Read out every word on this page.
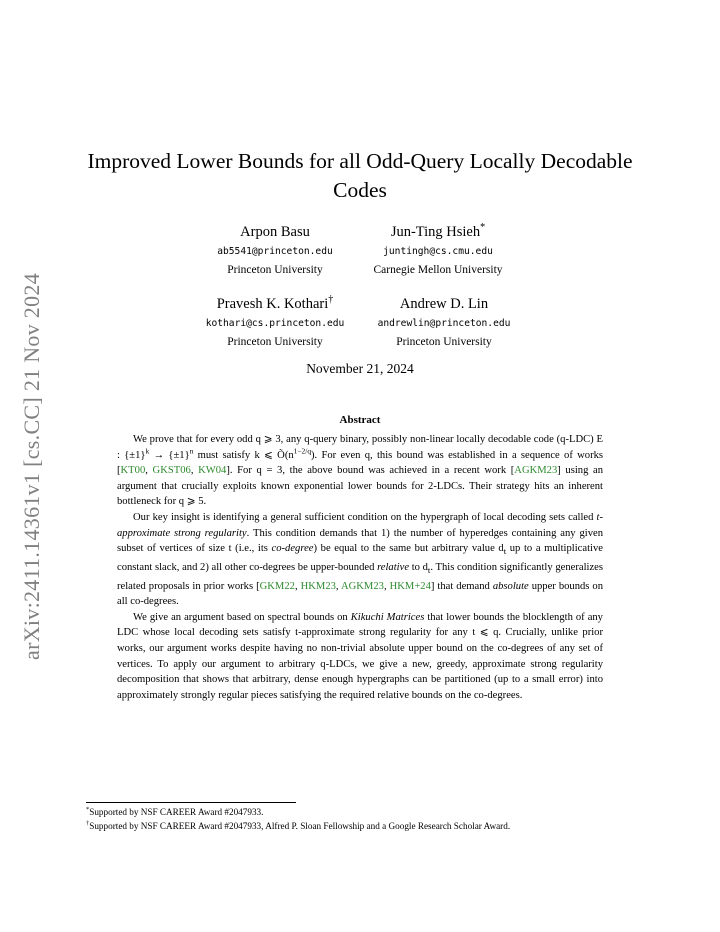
arXiv:2411.14361v1 [cs.CC] 21 Nov 2024
Improved Lower Bounds for all Odd-Query Locally Decodable Codes
Arpon Basu
ab5541@princeton.edu
Princeton University
Jun-Ting Hsieh*
juntingh@cs.cmu.edu
Carnegie Mellon University
Pravesh K. Kothari†
kothari@cs.princeton.edu
Princeton University
Andrew D. Lin
andrewlin@princeton.edu
Princeton University
November 21, 2024
Abstract

We prove that for every odd q ⩾ 3, any q-query binary, possibly non-linear locally decodable code (q-LDC) E : $\{\pm 1\}^k \to \{\pm 1\}^n$ must satisfy k ⩽ $Õ(n^{1-2/q})$. For even q, this bound was established in a sequence of works [KT00, GKST06, KW04]. For q = 3, the above bound was achieved in a recent work [AGKM23] using an argument that crucially exploits known exponential lower bounds for 2-LDCs. Their strategy hits an inherent bottleneck for q ⩾ 5.

Our key insight is identifying a general sufficient condition on the hypergraph of local decoding sets called t-approximate strong regularity. This condition demands that 1) the number of hyperedges containing any given subset of vertices of size t (i.e., its co-degree) be equal to the same but arbitrary value $d_t$ up to a multiplicative constant slack, and 2) all other co-degrees be upper-bounded relative to $d_t$. This condition significantly generalizes related proposals in prior works [GKM22, HKM23, AGKM23, HKM+24] that demand absolute upper bounds on all co-degrees.

We give an argument based on spectral bounds on Kikuchi Matrices that lower bounds the blocklength of any LDC whose local decoding sets satisfy t-approximate strong regularity for any t ⩽ q. Crucially, unlike prior works, our argument works despite having no non-trivial absolute upper bound on the co-degrees of any set of vertices. To apply our argument to arbitrary q-LDCs, we give a new, greedy, approximate strong regularity decomposition that shows that arbitrary, dense enough hypergraphs can be partitioned (up to a small error) into approximately strongly regular pieces satisfying the required relative bounds on the co-degrees.

*Supported by NSF CAREER Award #2047933.
†Supported by NSF CAREER Award #2047933, Alfred P. Sloan Fellowship and a Google Research Scholar Award.
